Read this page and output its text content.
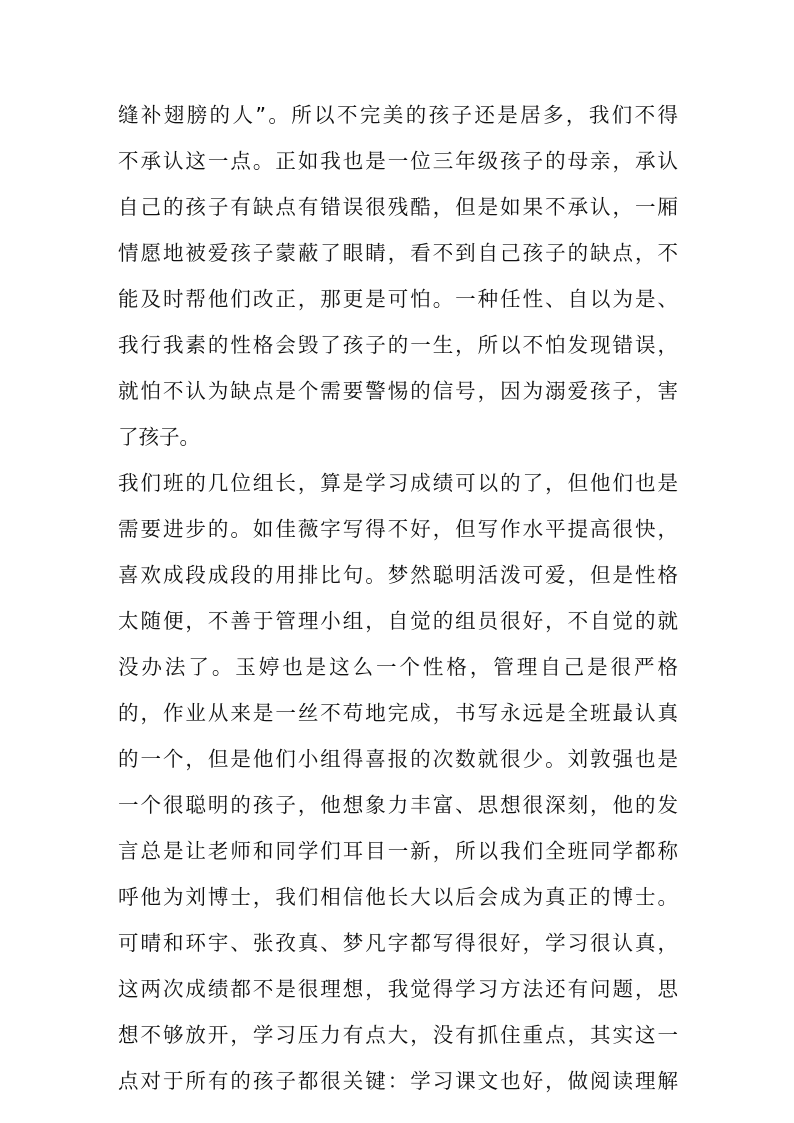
缝补翅膀的人”。所以不完美的孩子还是居多，我们不得
不承认这一点。正如我也是一位三年级孩子的母亲，承认
自己的孩子有缺点有错误很残酷，但是如果不承认，一厢
情愿地被爱孩子蒙蔽了眼睛，看不到自己孩子的缺点，不
能及时帮他们改正，那更是可怕。一种任性、自以为是、
我行我素的性格会毁了孩子的一生，所以不怕发现错误，
就怕不认为缺点是个需要警惕的信号，因为溺爱孩子，害
了孩子。
我们班的几位组长，算是学习成绩可以的了，但他们也是
需要进步的。如佳薇字写得不好，但写作水平提高很快，
喜欢成段成段的用排比句。梦然聪明活泼可爱，但是性格
太随便，不善于管理小组，自觉的组员很好，不自觉的就
没办法了。玉婷也是这么一个性格，管理自己是很严格
的，作业从来是一丝不苟地完成，书写永远是全班最认真
的一个，但是他们小组得喜报的次数就很少。刘敦强也是
一个很聪明的孩子，他想象力丰富、思想很深刻，他的发
言总是让老师和同学们耳目一新，所以我们全班同学都称
呼他为刘博士，我们相信他长大以后会成为真正的博士。
可晴和环宇、张孜真、梦凡字都写得很好，学习很认真，
这两次成绩都不是很理想，我觉得学习方法还有问题，思
想不够放开，学习压力有点大，没有抓住重点，其实这一
点对于所有的孩子都很关键：学习课文也好，做阅读理解
